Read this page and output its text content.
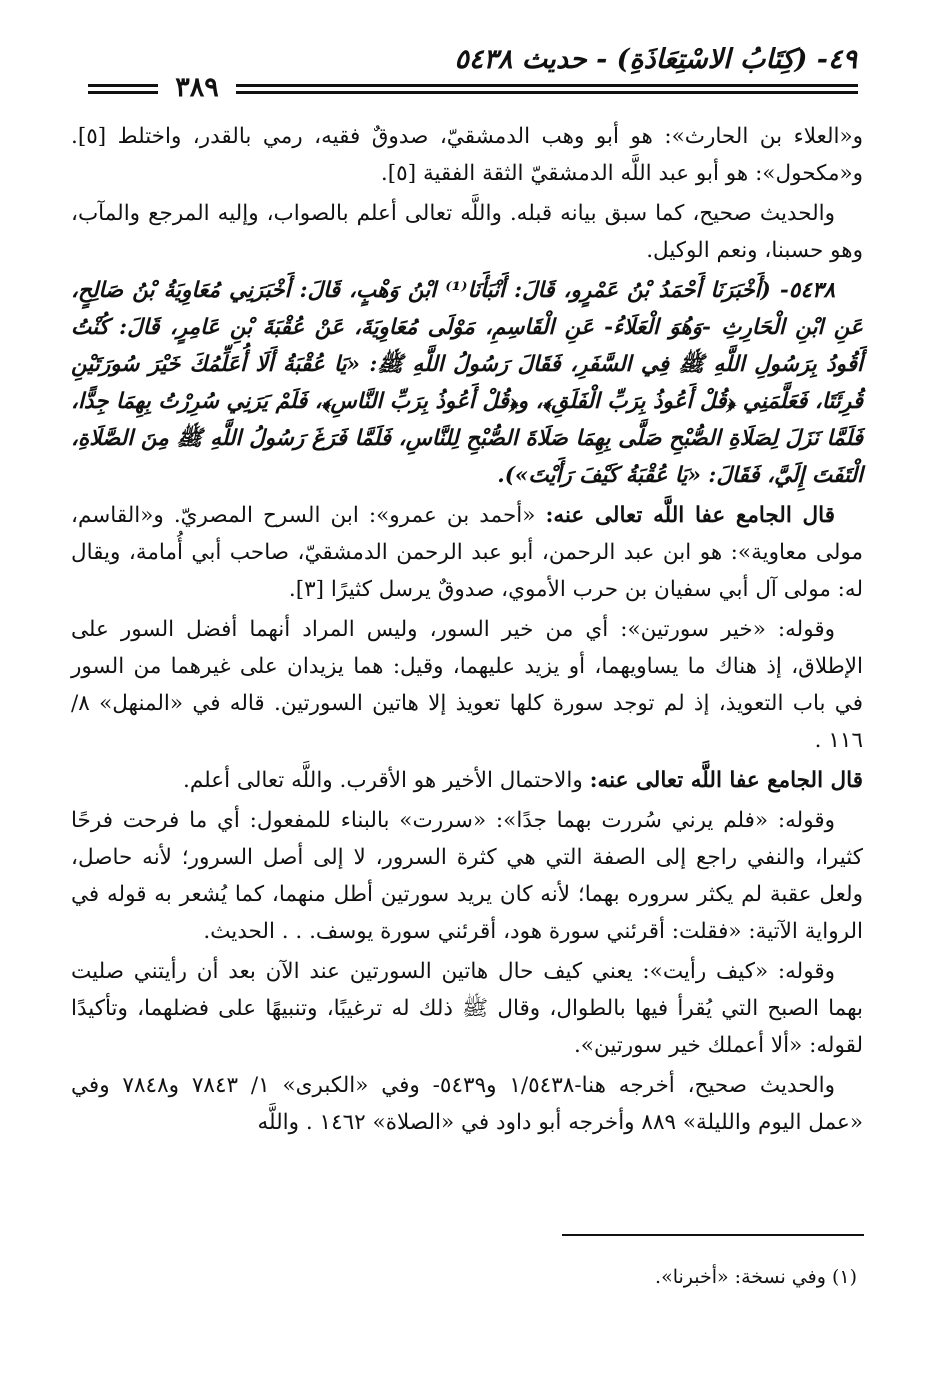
٤٩- (كِتَابُ الاسْتِعَاذَةِ) - حديث ٥٤٣٨
٣٨٩

و«العلاء بن الحارث»: هو أبو وهب الدمشقيّ، صدوقٌ فقيه، رمي بالقدر، واختلط [٥]. و«مكحول»: هو أبو عبد اللَّه الدمشقيّ الثقة الفقية [٥].

والحديث صحيح، كما سبق بيانه قبله. واللَّه تعالى أعلم بالصواب، وإليه المرجع والمآب، وهو حسبنا، ونعم الوكيل.

٥٤٣٨- (أَخْبَرَنَا أَحْمَدُ بْنُ عَمْرٍو، قَالَ: أَنْبَأَنَا⁽¹⁾ ابْنُ وَهْبٍ، قَالَ: أَخْبَرَنِي مُعَاوِيَةُ بْنُ صَالِحٍ، عَنِ ابْنِ الْحَارِثِ -وَهُوَ الْعَلَاءُ- عَنِ الْقَاسِمِ، مَوْلَى مُعَاوِيَةَ، عَنْ عُقْبَةَ بْنِ عَامِرٍ، قَالَ: كُنْتُ أَقُودُ بِرَسُولِ اللَّهِ ﷺ فِي السَّفَرِ، فَقَالَ رَسُولُ اللَّهِ ﷺ: «يَا عُقْبَةُ أَلَا أُعَلِّمُكَ خَيْرَ سُورَتَيْنِ قُرِئَتَا، فَعَلَّمَنِي ﴿قُلْ أَعُوذُ بِرَبِّ الْفَلَقِ﴾، و﴿قُلْ أَعُوذُ بِرَبِّ النَّاسِ﴾، فَلَمْ يَرَنِي سُرِرْتُ بِهِمَا جِدًّا، فَلَمَّا نَزَلَ لِصَلَاةِ الصُّبْحِ صَلَّى بِهِمَا صَلَاةَ الصُّبْحِ لِلنَّاسِ، فَلَمَّا فَرَغَ رَسُولُ اللَّهِ ﷺ مِنَ الصَّلَاةِ، الْتَفَتَ إِلَيَّ، فَقَالَ: «يَا عُقْبَةُ كَيْفَ رَأَيْتَ»).

قال الجامع عفا اللَّه تعالى عنه: «أحمد بن عمرو»: ابن السرح المصريّ. و«القاسم، مولى معاوية»: هو ابن عبد الرحمن، أبو عبد الرحمن الدمشقيّ، صاحب أبي أُمامة، ويقال له: مولى آل أبي سفيان بن حرب الأموي، صدوقٌ يرسل كثيرًا [٣].

وقوله: «خير سورتين»: أي من خير السور، وليس المراد أنهما أفضل السور على الإطلاق، إذ هناك ما يساويهما، أو يزيد عليهما، وقيل: هما يزيدان على غيرهما من السور في باب التعويذ، إذ لم توجد سورة كلها تعويذ إلا هاتين السورتين. قاله في «المنهل» ٨/ ١١٦ .

قال الجامع عفا اللَّه تعالى عنه: والاحتمال الأخير هو الأقرب. واللَّه تعالى أعلم.

وقوله: «فلم يرني سُررت بهما جدًا»: «سررت» بالبناء للمفعول: أي ما فرحت فرحًا كثيرا، والنفي راجع إلى الصفة التي هي كثرة السرور، لا إلى أصل السرور؛ لأنه حاصل، ولعل عقبة لم يكثر سروره بهما؛ لأنه كان يريد سورتين أطل منهما، كما يُشعر به قوله في الرواية الآتية: «فقلت: أقرئني سورة هود، أقرئني سورة يوسف. . . الحديث.

وقوله: «كيف رأيت»: يعني كيف حال هاتين السورتين عند الآن بعد أن رأيتني صليت بهما الصبح التي يُقرأ فيها بالطوال، وقال ﷺ ذلك له ترغيبًا، وتنبيهًا على فضلهما، وتأكيدًا لقوله: «ألا أعملك خير سورتين».

والحديث صحيح، أخرجه هنا-١/٥٤٣٨ و٥٤٣٩- وفي «الكبرى» ١/ ٧٨٤٣ و٧٨٤٨ وفي «عمل اليوم والليلة» ٨٨٩ وأخرجه أبو داود في «الصلاة» ١٤٦٢ . واللَّه

(١) وفي نسخة: «أخبرنا».
